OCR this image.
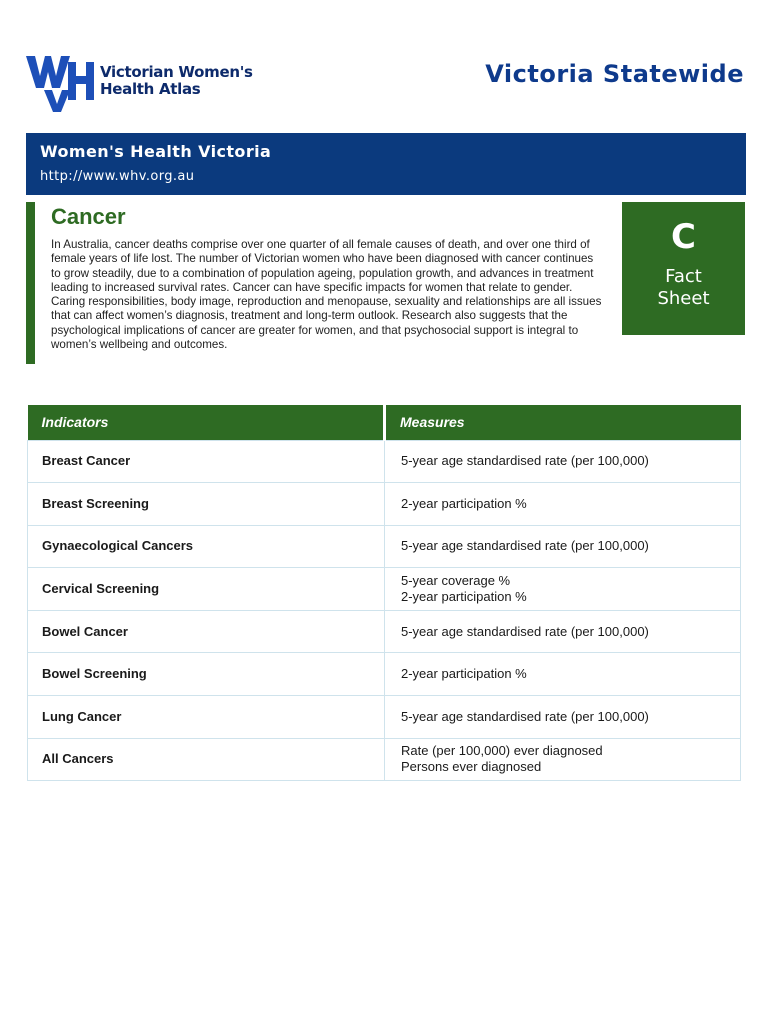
Victorian Women's
Health Atlas
Victoria Statewide
Women's Health Victoria
http://www.whv.org.au
Cancer

In Australia, cancer deaths comprise over one quarter of all female causes of death, and over one third of female years of life lost. The number of Victorian women who have been diagnosed with cancer continues to grow steadily, due to a combination of population ageing, population growth, and advances in treatment leading to increased survival rates. Cancer can have specific impacts for women that relate to gender. Caring responsibilities, body image, reproduction and menopause, sexuality and relationships are all issues that can affect women’s diagnosis, treatment and long-term outlook. Research also suggests that the psychological implications of cancer are greater for women, and that psychosocial support is integral to women’s wellbeing and outcomes.

C
Fact
Sheet
Indicators	Measures
Breast Cancer	5-year age standardised rate (per 100,000)

Breast Screening	2-year participation %

Gynaecological Cancers	5-year age standardised rate (per 100,000)

Cervical Screening	5-year coverage %
2-year participation %

Bowel Cancer	5-year age standardised rate (per 100,000)

Bowel Screening	2-year participation %

Lung Cancer	5-year age standardised rate (per 100,000)

All Cancers	Rate (per 100,000) ever diagnosed
Persons ever diagnosed
